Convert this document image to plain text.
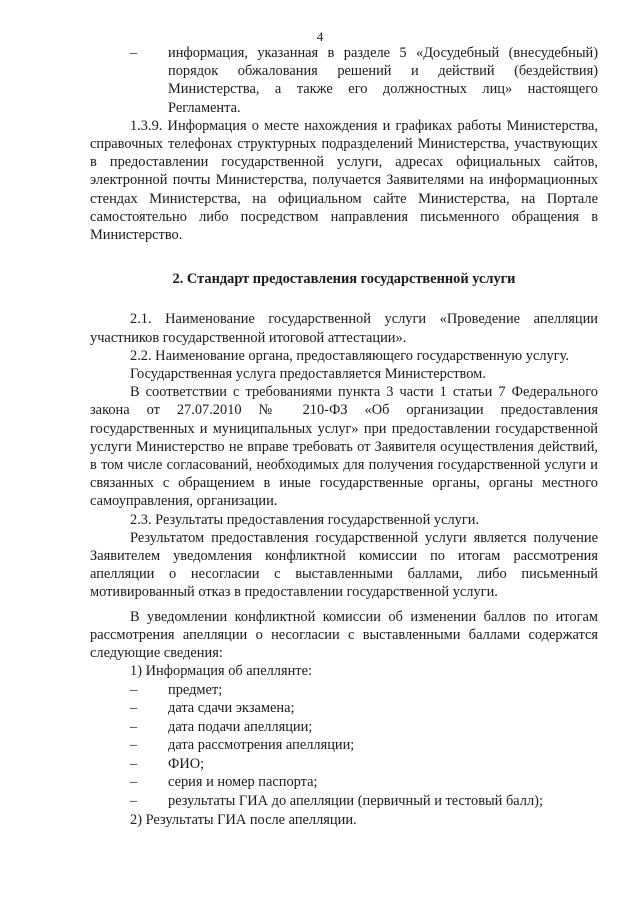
4

– информация, указанная в разделе 5 «Досудебный (внесудебный) порядок обжалования решений и действий (бездействия) Министерства, а также его должностных лиц» настоящего Регламента.

1.3.9. Информация о месте нахождения и графиках работы Министерства, справочных телефонах структурных подразделений Министерства, участвующих в предоставлении государственной услуги, адресах официальных сайтов, электронной почты Министерства, получается Заявителями на информационных стендах Министерства, на официальном сайте Министерства, на Портале самостоятельно либо посредством направления письменного обращения в Министерство.

2. Стандарт предоставления государственной услуги

2.1. Наименование государственной услуги «Проведение апелляции участников государственной итоговой аттестации».

2.2. Наименование органа, предоставляющего государственную услугу.

Государственная услуга предоставляется Министерством.

В соответствии с требованиями пункта 3 части 1 статьи 7 Федерального закона от 27.07.2010 № 210-ФЗ «Об организации предоставления государственных и муниципальных услуг» при предоставлении государственной услуги Министерство не вправе требовать от Заявителя осуществления действий, в том числе согласований, необходимых для получения государственной услуги и связанных с обращением в иные государственные органы, органы местного самоуправления, организации.

2.3. Результаты предоставления государственной услуги.

Результатом предоставления государственной услуги является получение Заявителем уведомления конфликтной комиссии по итогам рассмотрения апелляции о несогласии с выставленными баллами, либо письменный мотивированный отказ в предоставлении государственной услуги.

В уведомлении конфликтной комиссии об изменении баллов по итогам рассмотрения апелляции о несогласии с выставленными баллами содержатся следующие сведения:

1) Информация об апеллянте:

– предмет;

– дата сдачи экзамена;

– дата подачи апелляции;

– дата рассмотрения апелляции;

– ФИО;

– серия и номер паспорта;

– результаты ГИА до апелляции (первичный и тестовый балл);

2) Результаты ГИА после апелляции.
